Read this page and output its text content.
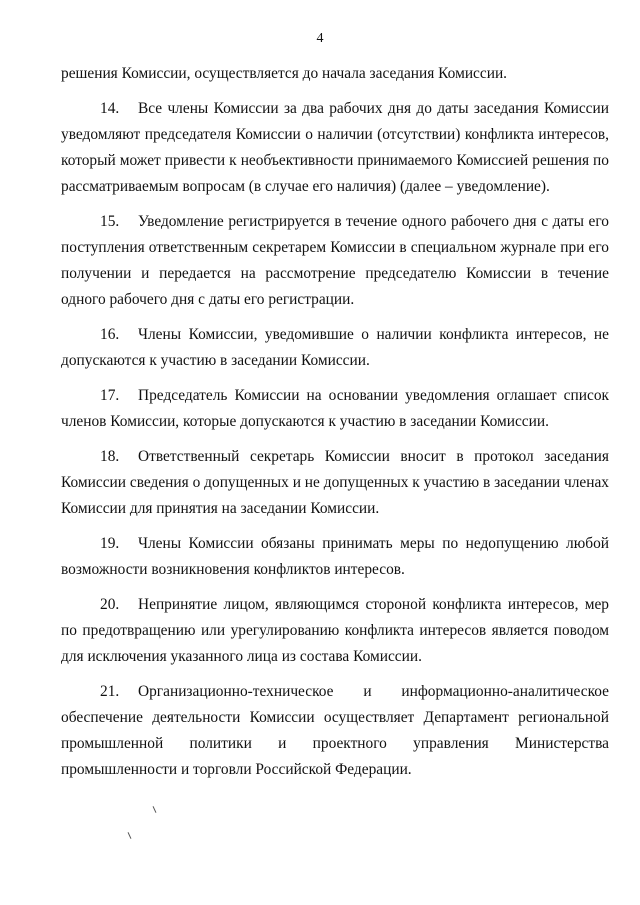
4

решения Комиссии, осуществляется до начала заседания Комиссии.

14. Все члены Комиссии за два рабочих дня до даты заседания Комиссии уведомляют председателя Комиссии о наличии (отсутствии) конфликта интересов, который может привести к необъективности принимаемого Комиссией решения по рассматриваемым вопросам (в случае его наличия) (далее – уведомление).

15. Уведомление регистрируется в течение одного рабочего дня с даты его поступления ответственным секретарем Комиссии в специальном журнале при его получении и передается на рассмотрение председателю Комиссии в течение одного рабочего дня с даты его регистрации.

16. Члены Комиссии, уведомившие о наличии конфликта интересов, не допускаются к участию в заседании Комиссии.

17. Председатель Комиссии на основании уведомления оглашает список членов Комиссии, которые допускаются к участию в заседании Комиссии.

18. Ответственный секретарь Комиссии вносит в протокол заседания Комиссии сведения о допущенных и не допущенных к участию в заседании членах Комиссии для принятия на заседании Комиссии.

19. Члены Комиссии обязаны принимать меры по недопущению любой возможности возникновения конфликтов интересов.

20. Непринятие лицом, являющимся стороной конфликта интересов, мер по предотвращению или урегулированию конфликта интересов является поводом для исключения указанного лица из состава Комиссии.

21. Организационно-техническое и информационно-аналитическое обеспечение деятельности Комиссии осуществляет Департамент региональной промышленной политики и проектного управления Министерства промышленности и торговли Российской Федерации.
